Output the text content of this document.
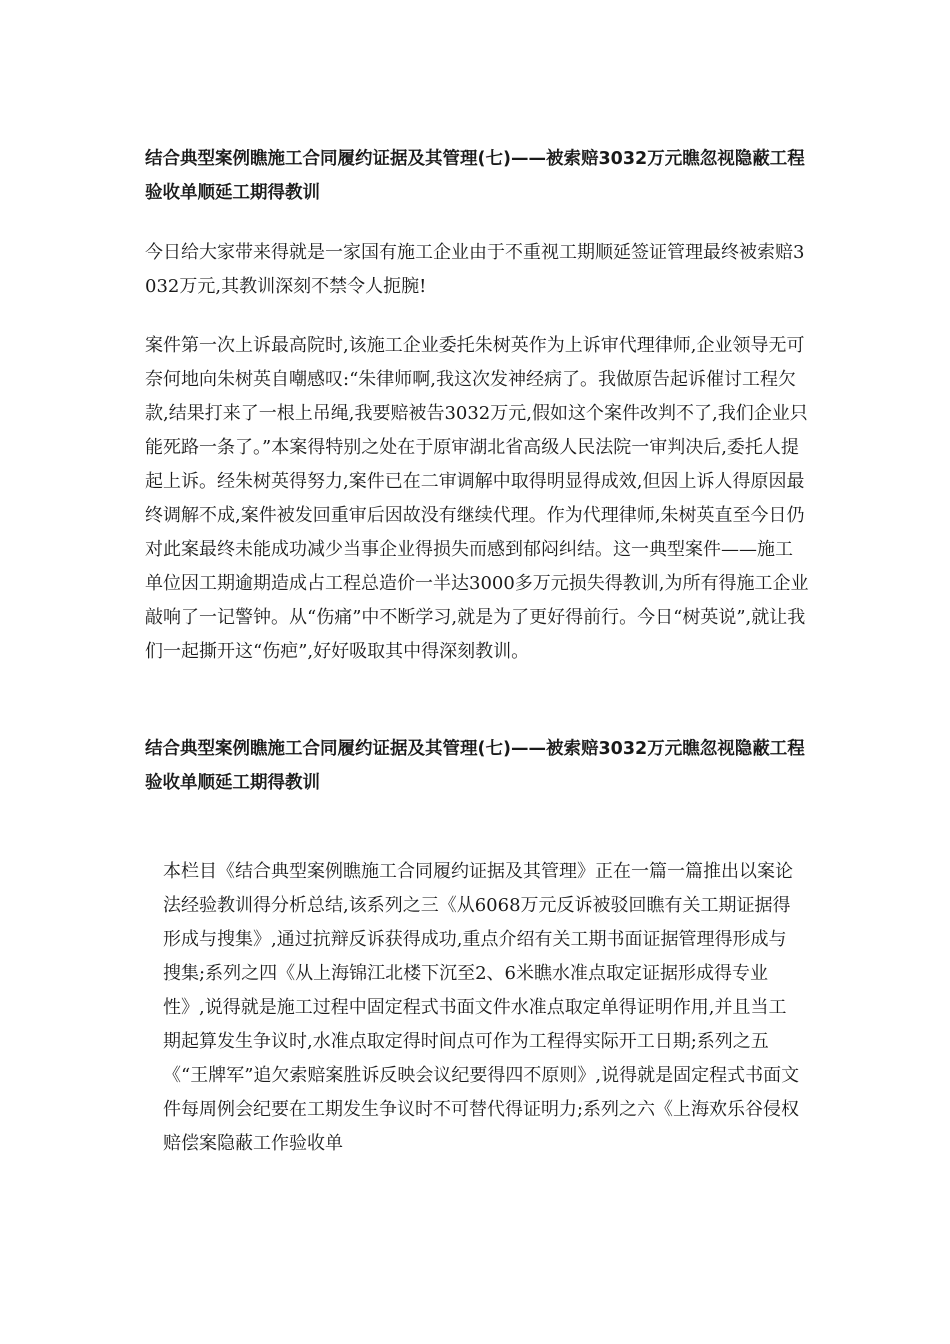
结合典型案例瞧施工合同履约证据及其管理(七)——被索赔3032万元瞧忽视隐蔽工程验收单顺延工期得教训

今日给大家带来得就是一家国有施工企业由于不重视工期顺延签证管理最终被索赔3032万元,其教训深刻不禁令人扼腕!

案件第一次上诉最高院时,该施工企业委托朱树英作为上诉审代理律师,企业领导无可奈何地向朱树英自嘲感叹:“朱律师啊,我这次发神经病了。我做原告起诉催讨工程欠款,结果打来了一根上吊绳,我要赔被告3032万元,假如这个案件改判不了,我们企业只能死路一条了。”本案得特别之处在于原审湖北省高级人民法院一审判决后,委托人提起上诉。经朱树英得努力,案件已在二审调解中取得明显得成效,但因上诉人得原因最终调解不成,案件被发回重审后因故没有继续代理。作为代理律师,朱树英直至今日仍对此案最终未能成功减少当事企业得损失而感到郁闷纠结。这一典型案件——施工单位因工期逾期造成占工程总造价一半达3000多万元损失得教训,为所有得施工企业敲响了一记警钟。从“伤痛”中不断学习,就是为了更好得前行。今日“树英说”,就让我们一起撕开这“伤疤”,好好吸取其中得深刻教训。

结合典型案例瞧施工合同履约证据及其管理(七)——被索赔3032万元瞧忽视隐蔽工程验收单顺延工期得教训

本栏目《结合典型案例瞧施工合同履约证据及其管理》正在一篇一篇推出以案论法经验教训得分析总结,该系列之三《从6068万元反诉被驳回瞧有关工期证据得形成与搜集》,通过抗辩反诉获得成功,重点介绍有关工期书面证据管理得形成与搜集;系列之四《从上海锦江北楼下沉至2、6米瞧水准点取定证据形成得专业性》,说得就是施工过程中固定程式书面文件水准点取定单得证明作用,并且当工期起算发生争议时,水准点取定得时间点可作为工程得实际开工日期;系列之五《“王牌军”追欠索赔案胜诉反映会议纪要得四不原则》,说得就是固定程式书面文件每周例会纪要在工期发生争议时不可替代得证明力;系列之六《上海欢乐谷侵权赔偿案隐蔽工作验收单
